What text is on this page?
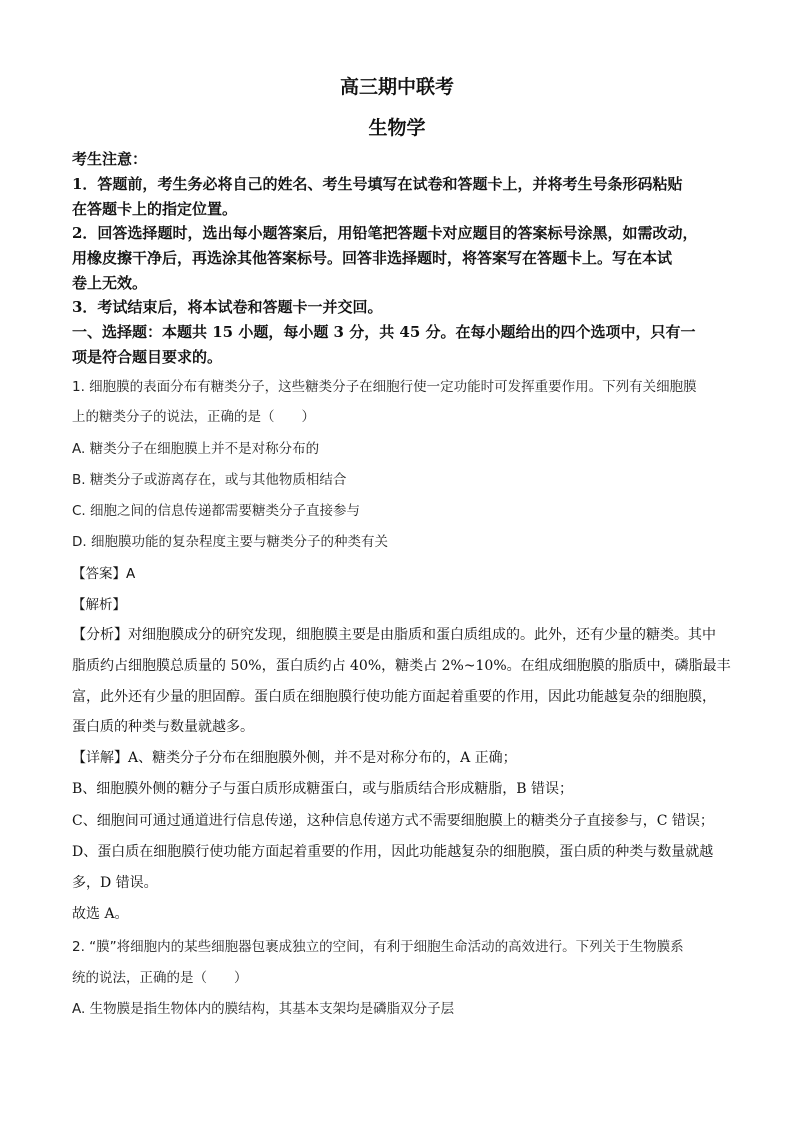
高三期中联考
生物学
考生注意：
1．答题前，考生务必将自己的姓名、考生号填写在试卷和答题卡上，并将考生号条形码粘贴
在答题卡上的指定位置。
2．回答选择题时，选出每小题答案后，用铅笔把答题卡对应题目的答案标号涂黑，如需改动，
用橡皮擦干净后，再选涂其他答案标号。回答非选择题时，将答案写在答题卡上。写在本试
卷上无效。
3．考试结束后，将本试卷和答题卡一并交回。
一、选择题：本题共 15 小题，每小题 3 分，共 45 分。在每小题给出的四个选项中，只有一
项是符合题目要求的。
1. 细胞膜的表面分布有糖类分子，这些糖类分子在细胞行使一定功能时可发挥重要作用。下列有关细胞膜
上的糖类分子的说法，正确的是（　　）
A. 糖类分子在细胞膜上并不是对称分布的
B. 糖类分子或游离存在，或与其他物质相结合
C. 细胞之间的信息传递都需要糖类分子直接参与
D. 细胞膜功能的复杂程度主要与糖类分子的种类有关
【答案】A
【解析】
【分析】对细胞膜成分的研究发现，细胞膜主要是由脂质和蛋白质组成的。此外，还有少量的糖类。其中
脂质约占细胞膜总质量的 50%，蛋白质约占 40%，糖类占 2%~10%。在组成细胞膜的脂质中，磷脂最丰
富，此外还有少量的胆固醇。蛋白质在细胞膜行使功能方面起着重要的作用，因此功能越复杂的细胞膜，
蛋白质的种类与数量就越多。
【详解】A、糖类分子分布在细胞膜外侧，并不是对称分布的，A 正确；
B、细胞膜外侧的糖分子与蛋白质形成糖蛋白，或与脂质结合形成糖脂，B 错误；
C、细胞间可通过通道进行信息传递，这种信息传递方式不需要细胞膜上的糖类分子直接参与，C 错误；
D、蛋白质在细胞膜行使功能方面起着重要的作用，因此功能越复杂的细胞膜，蛋白质的种类与数量就越
多，D 错误。
故选 A。
2. “膜”将细胞内的某些细胞器包裹成独立的空间，有利于细胞生命活动的高效进行。下列关于生物膜系
统的说法，正确的是（　　）
A. 生物膜是指生物体内的膜结构，其基本支架均是磷脂双分子层
